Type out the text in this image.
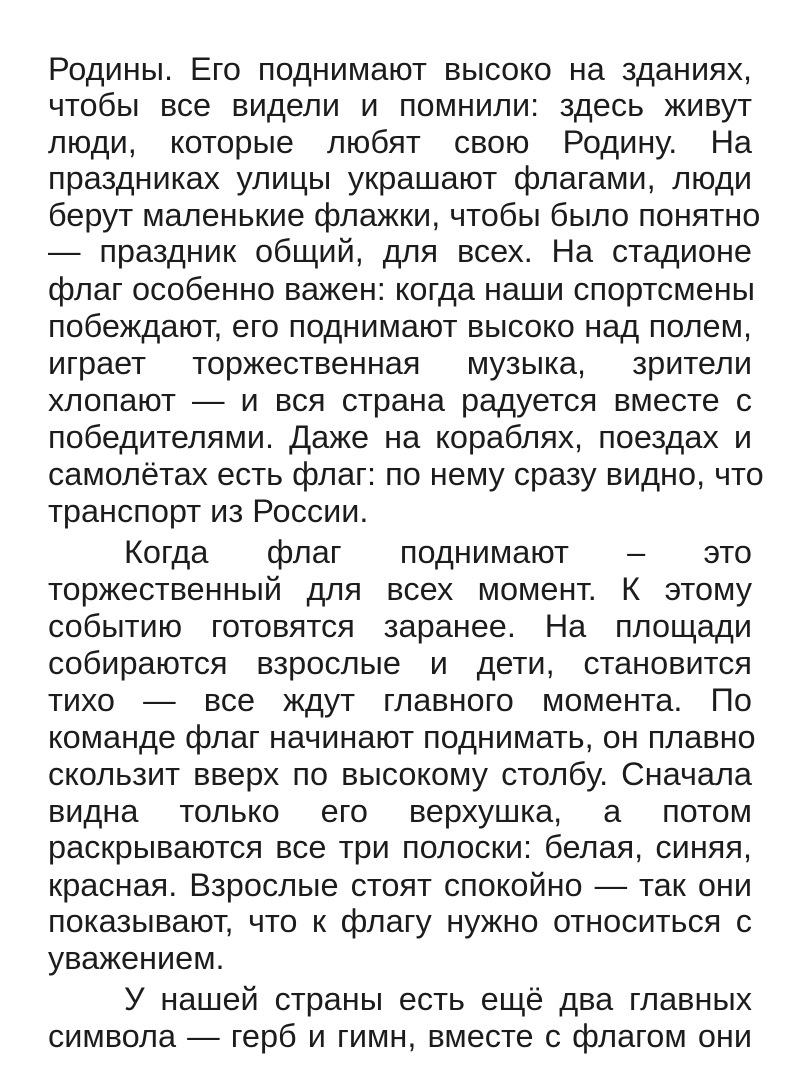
Родины. Его поднимают высоко на зданиях,
чтобы все видели и помнили: здесь живут
люди, которые любят свою Родину. На
праздниках улицы украшают флагами, люди
берут маленькие флажки, чтобы было понятно
— праздник общий, для всех. На стадионе
флаг особенно важен: когда наши спортсмены
побеждают, его поднимают высоко над полем,
играет торжественная музыка, зрители
хлопают — и вся страна радуется вместе с
победителями. Даже на кораблях, поездах и
самолётах есть флаг: по нему сразу видно, что
транспорт из России.
Когда флаг поднимают – это
торжественный для всех момент. К этому
событию готовятся заранее. На площади
собираются взрослые и дети, становится
тихо — все ждут главного момента. По
команде флаг начинают поднимать, он плавно
скользит вверх по высокому столбу. Сначала
видна только его верхушка, а потом
раскрываются все три полоски: белая, синяя,
красная. Взрослые стоят спокойно — так они
показывают, что к флагу нужно относиться с
уважением.
У нашей страны есть ещё два главных
символа — герб и гимн, вместе с флагом они
